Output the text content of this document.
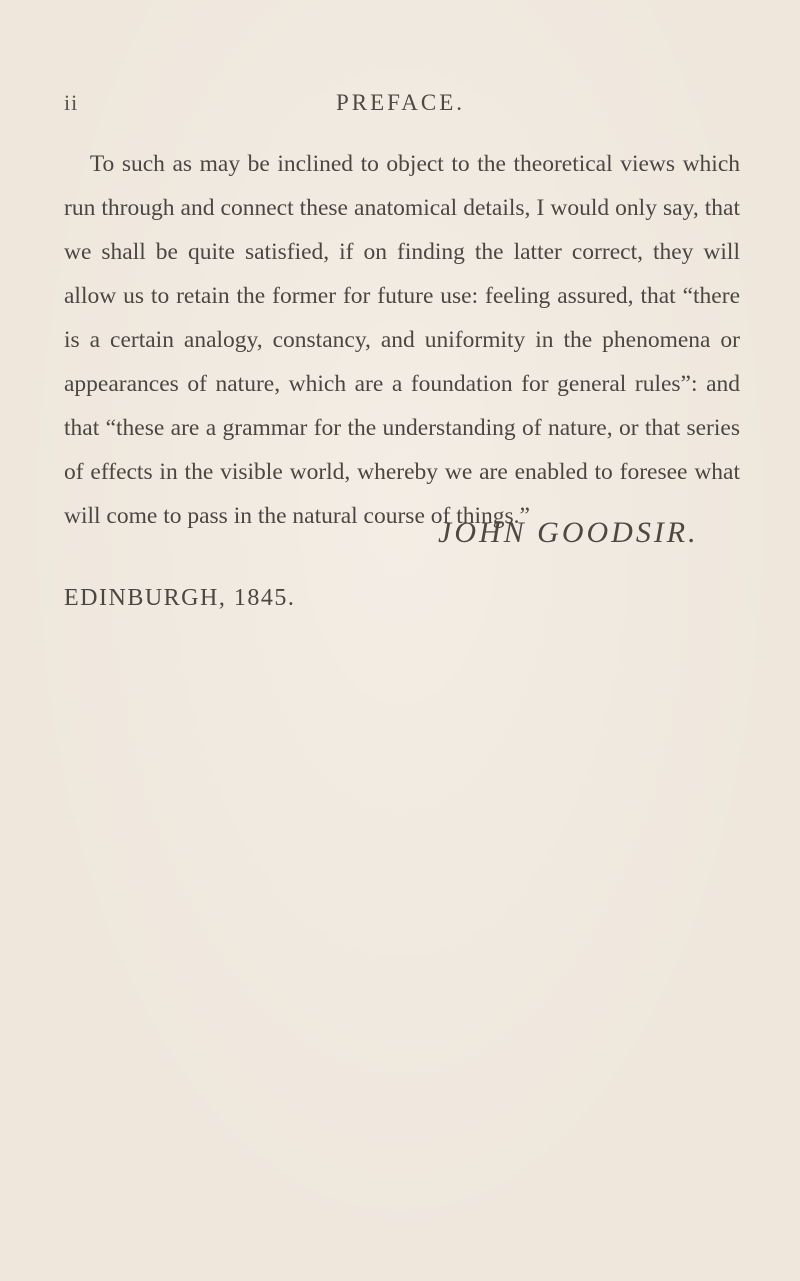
ii	PREFACE.

To such as may be inclined to object to the theoretical views which run through and connect these anatomical details, I would only say, that we shall be quite satisfied, if on finding the latter correct, they will allow us to retain the former for future use: feeling assured, that “there is a certain analogy, constancy, and uniformity in the phenomena or appearances of nature, which are a foundation for general rules”: and that “these are a grammar for the understanding of nature, or that series of effects in the visible world, whereby we are enabled to foresee what will come to pass in the natural course of things.”

JOHN GOODSIR.
EDINBURGH, 1845.
